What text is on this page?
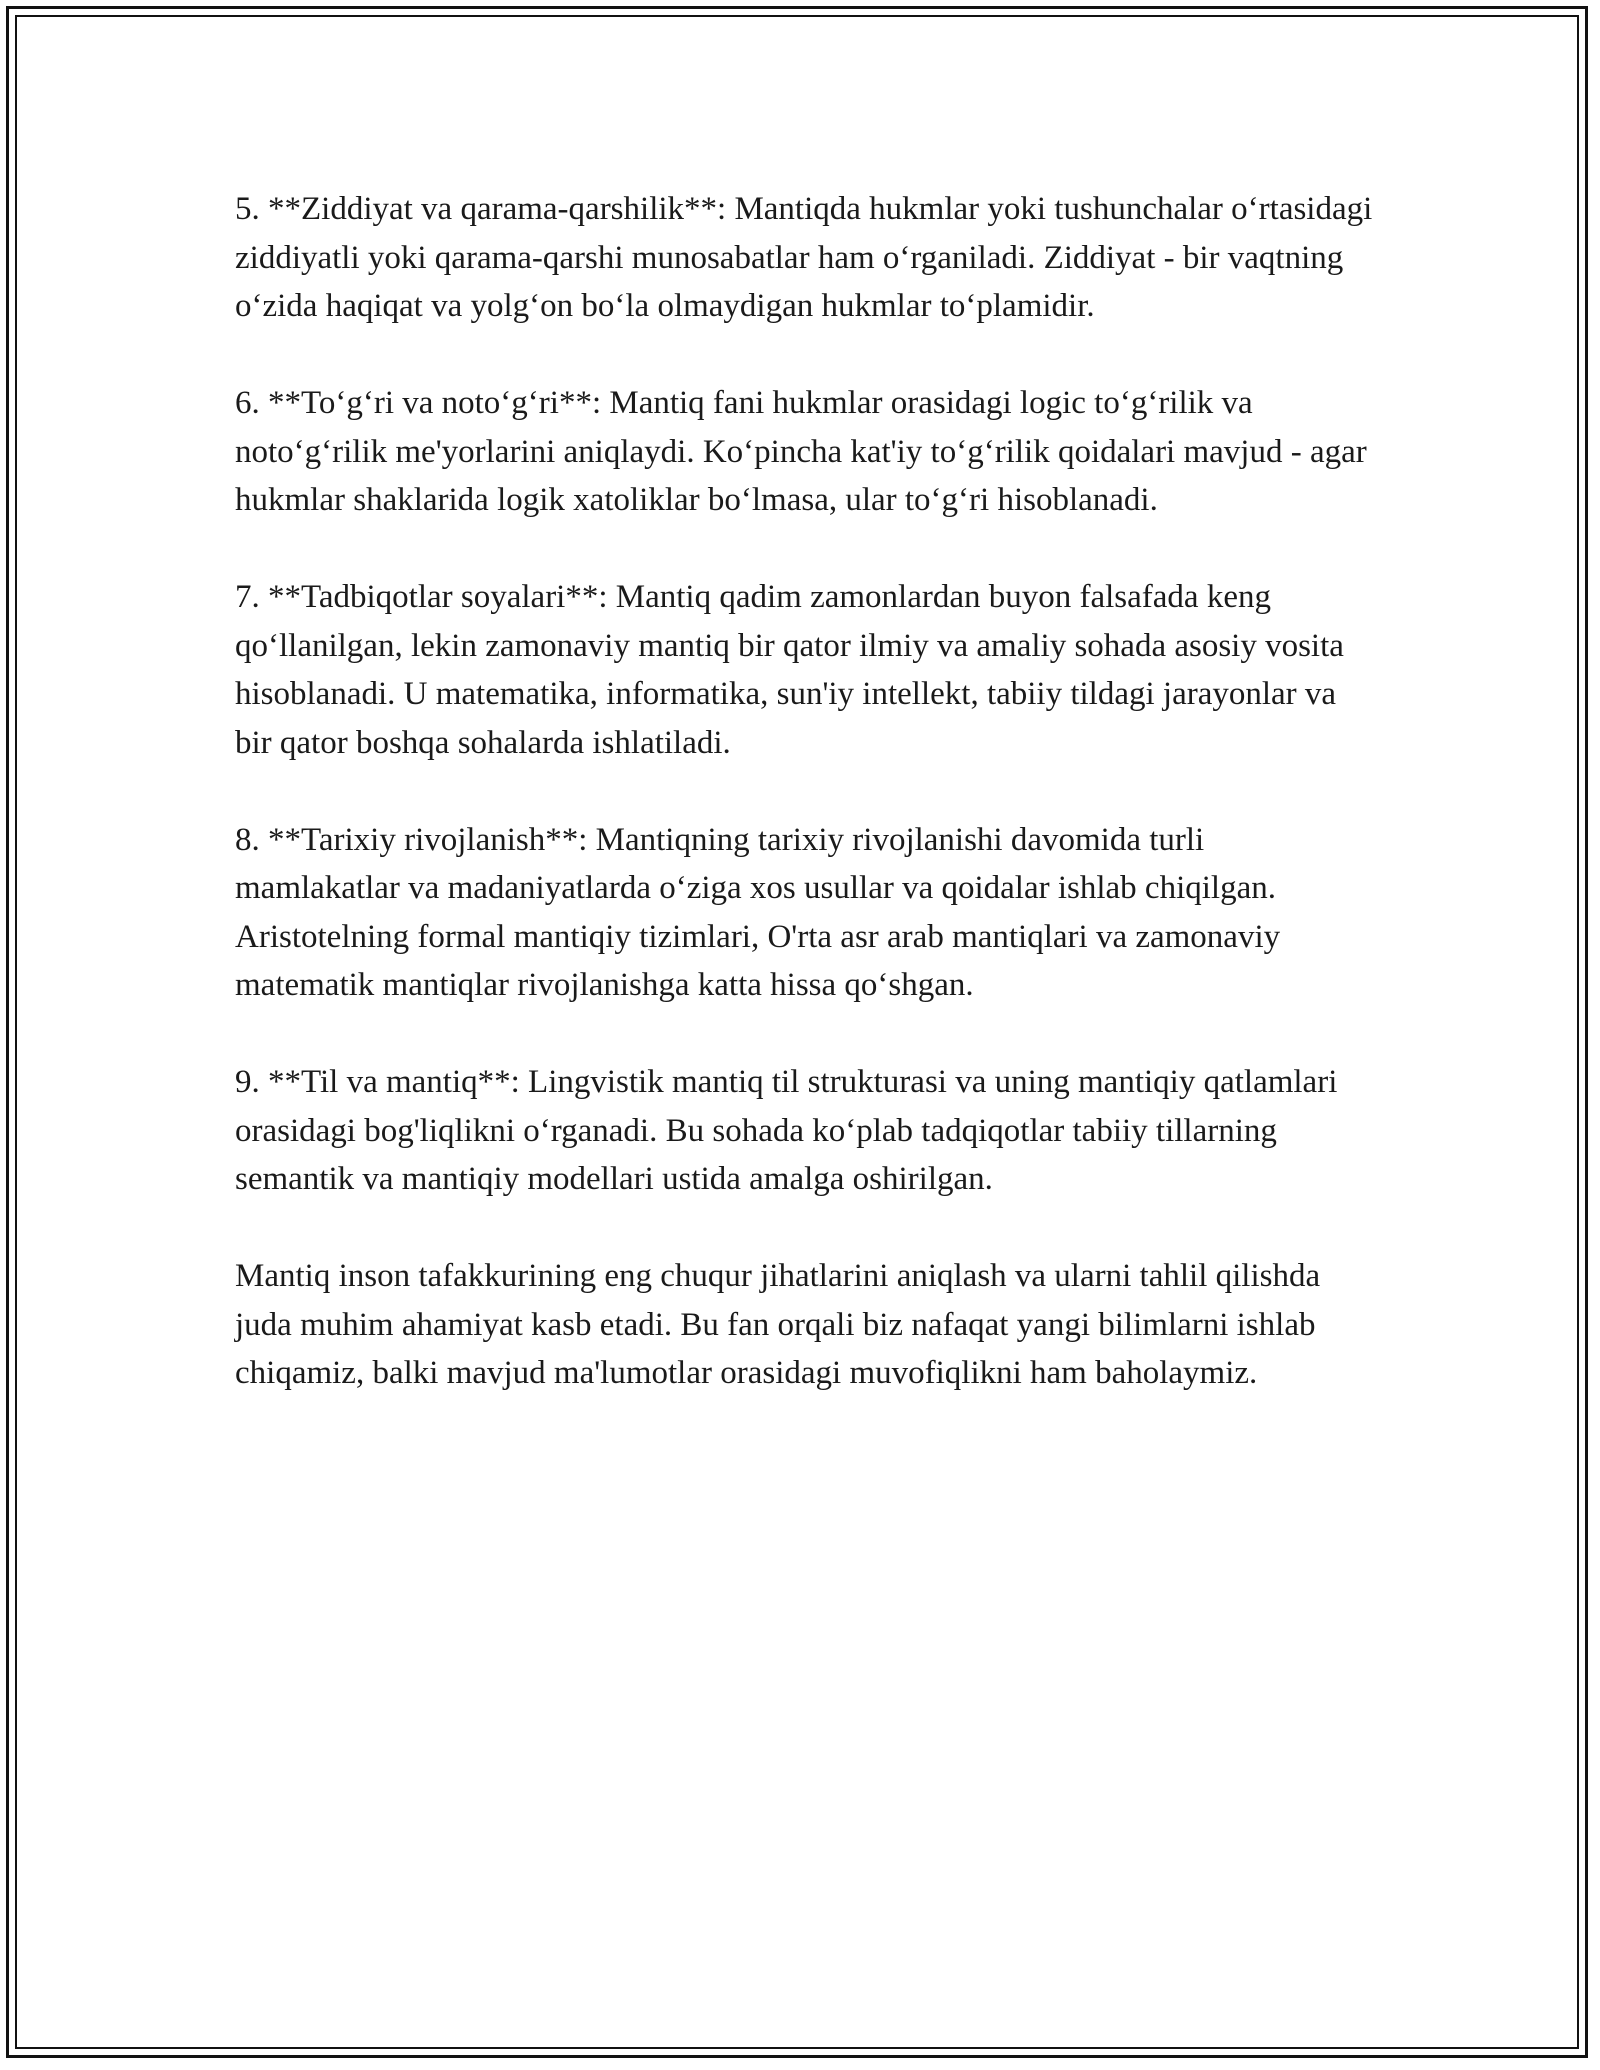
5. **Ziddiyat va qarama-qarshilik**: Mantiqda hukmlar yoki tushunchalar o‘rtasidagi ziddiyatli yoki qarama-qarshi munosabatlar ham o‘rganiladi. Ziddiyat - bir vaqtning o‘zida haqiqat va yolg‘on bo‘la olmaydigan hukmlar to‘plamidir.

6. **To‘g‘ri va noto‘g‘ri**: Mantiq fani hukmlar orasidagi logic to‘g‘rilik va noto‘g‘rilik me'yorlarini aniqlaydi. Ko‘pincha kat'iy to‘g‘rilik qoidalari mavjud - agar hukmlar shaklarida logik xatoliklar bo‘lmasa, ular to‘g‘ri hisoblanadi.

7. **Tadbiqotlar soyalari**: Mantiq qadim zamonlardan buyon falsafada keng qo‘llanilgan, lekin zamonaviy mantiq bir qator ilmiy va amaliy sohada asosiy vosita hisoblanadi. U matematika, informatika, sun'iy intellekt, tabiiy tildagi jarayonlar va bir qator boshqa sohalarda ishlatiladi.

8. **Tarixiy rivojlanish**: Mantiqning tarixiy rivojlanishi davomida turli mamlakatlar va madaniyatlarda o‘ziga xos usullar va qoidalar ishlab chiqilgan. Aristotelning formal mantiqiy tizimlari, O'rta asr arab mantiqlari va zamonaviy matematik mantiqlar rivojlanishga katta hissa qo‘shgan.

9. **Til va mantiq**: Lingvistik mantiq til strukturasi va uning mantiqiy qatlamlari orasidagi bog'liqlikni o‘rganadi. Bu sohada ko‘plab tadqiqotlar tabiiy tillarning semantik va mantiqiy modellari ustida amalga oshirilgan.

Mantiq inson tafakkurining eng chuqur jihatlarini aniqlash va ularni tahlil qilishda juda muhim ahamiyat kasb etadi. Bu fan orqali biz nafaqat yangi bilimlarni ishlab chiqamiz, balki mavjud ma'lumotlar orasidagi muvofiqlikni ham baholaymiz.
